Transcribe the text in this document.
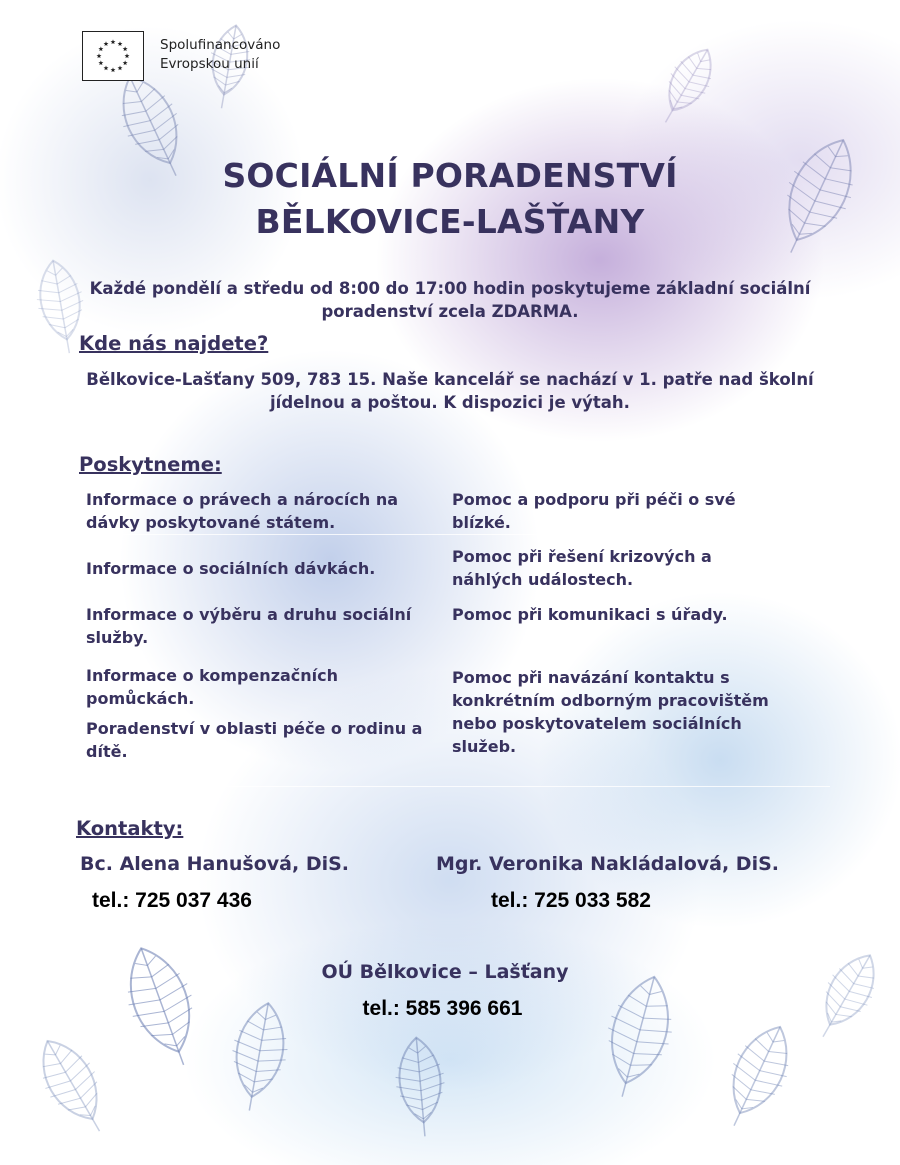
Spolufinancováno
Evropskou unií
SOCIÁLNÍ PORADENSTVÍ
BĚLKOVICE-LAŠŤANY
Každé pondělí a středu od 8:00 do 17:00 hodin poskytujeme základní sociální
poradenství zcela ZDARMA.
Kde nás najdete?
Bělkovice-Lašťany 509, 783 15. Naše kancelář se nachází v 1. patře nad školní
jídelnou a poštou. K dispozici je výtah.
Poskytneme:
Informace o právech a nárocích na
dávky poskytované státem.
Informace o sociálních dávkách.
Informace o výběru a druhu sociální
služby.
Informace o kompenzačních
pomůckách.
Poradenství v oblasti péče o rodinu a
dítě.
Pomoc a podporu při péči o své
blízké.
Pomoc při řešení krizových a
náhlých událostech.
Pomoc při komunikaci s úřady.
Pomoc při navázání kontaktu s
konkrétním odborným pracovištěm
nebo poskytovatelem sociálních
služeb.
Kontakty:
Bc. Alena Hanušová, DiS.
tel.: 725 037 436
Mgr. Veronika Nakládalová, DiS.
tel.: 725 033 582
OÚ Bělkovice – Lašťany
tel.: 585 396 661
